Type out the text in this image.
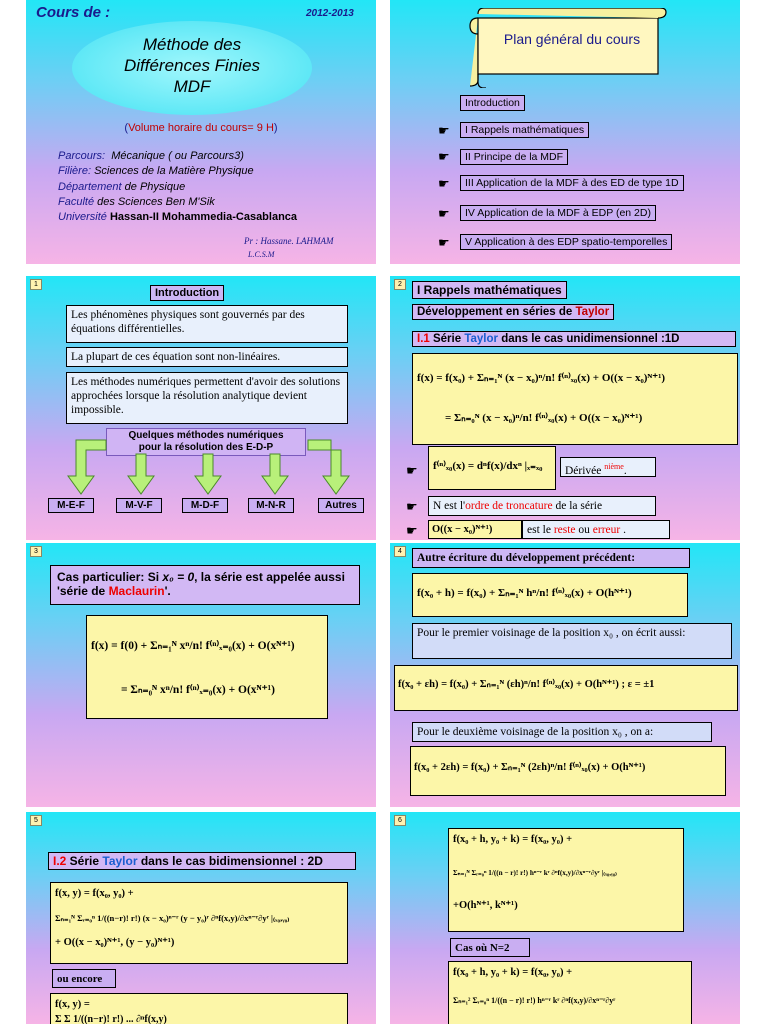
Cours de :	2012-2013
Méthode des
Différences Finies
MDF
(Volume horaire du cours= 9 H)
Parcours: Mécanique ( ou Parcours3)
Filière: Sciences de la Matière Physique
Département de Physique
Faculté des Sciences Ben M'Sik
Université Hassan-II Mohammedia-Casablanca
Pr : Hassane. LAHMAM
L.C.S.M
Plan général du cours
Introduction
☛	I Rappels mathématiques
☛	II Principe de la MDF
☛	III Application de la MDF à des ED de type 1D
☛	IV Application de la MDF à EDP (en 2D)
☛	V Application à des EDP spatio-temporelles
1
Introduction
Les phénomènes physiques sont gouvernés par des équations différentielles.
La plupart de ces équation sont non-linéaires.
Les méthodes numériques permettent d'avoir des solutions approchées lorsque la résolution analytique devient impossible.
Quelques méthodes numériques
pour la résolution des E-D-P
M-E-F	M-V-F	M-D-F	M-N-R	Autres
2	I Rappels mathématiques
Développement en séries de Taylor
I.1 Série Taylor dans le cas unidimensionnel :1D
f(x) = f(x₀) + Σₙ₌₁ᴺ (x − x₀)ⁿ/n! f⁽ⁿ⁾ₓ₀(x) + O((x − x₀)ᴺ⁺¹)
= Σₙ₌₀ᴺ (x − x₀)ⁿ/n! f⁽ⁿ⁾ₓ₀(x) + O((x − x₀)ᴺ⁺¹)
☛	f⁽ⁿ⁾ₓ₀(x) = dⁿf(x)/dxⁿ |ₓ₌ₓ₀	Dérivée $^{nième}$.
☛	N est l'ordre de troncature de la série
☛	O((x − x₀)ᴺ⁺¹)	est le reste ou erreur .
3
Cas particulier: Si x₀ = 0, la série est appelée aussi 'série de Maclaurin'.
f(x) = f(0) + Σₙ₌₁ᴺ xⁿ/n! f⁽ⁿ⁾ₓ₌₀(x) + O(xᴺ⁺¹)
= Σₙ₌₀ᴺ xⁿ/n! f⁽ⁿ⁾ₓ₌₀(x) + O(xᴺ⁺¹)
4
Autre écriture du développement précédent:
f(x₀ + h) = f(x₀) + Σₙ₌₁ᴺ hⁿ/n! f⁽ⁿ⁾ₓ₀(x) + O(hᴺ⁺¹)
Pour le premier voisinage de la position x₀ , on écrit aussi:
f(x₀ + εh) = f(x₀) + Σₙ₌₁ᴺ (εh)ⁿ/n! f⁽ⁿ⁾ₓ₀(x) + O(hᴺ⁺¹) ; ε = ±1
Pour le deuxième voisinage de la position x₀ , on a:
f(x₀ + 2εh) = f(x₀) + Σₙ₌₁ᴺ (2εh)ⁿ/n! f⁽ⁿ⁾ₓ₀(x) + O(hᴺ⁺¹)
5
I.2 Série Taylor dans le cas bidimensionnel : 2D
f(x, y) = f(x₀, y₀) +
Σₙ₌₁ᴺ Σᵣ₌₀ⁿ 1/((n−r)! r!) (x − x₀)ⁿ⁻ʳ (y − y₀)ʳ ∂ⁿf(x,y)/∂xⁿ⁻ʳ∂yʳ |₍ₓ₀,ᵧ₀₎
+ O((x − x₀)ᴺ⁺¹, (y − y₀)ᴺ⁺¹)
ou encore
f(x, y) =
Σ Σ 1/((n−r)! r!) ... ∂ⁿf(x,y)
6
f(x₀ + h, y₀ + k) = f(x₀, y₀) +
Σₙ₌₁ᴺ Σᵣ₌₀ⁿ 1/((n − r)! r!) hⁿ⁻ʳ kʳ ∂ⁿf(x,y)/∂xⁿ⁻ʳ∂yʳ |₍ₓ₀,ᵧ₀₎
+O(hᴺ⁺¹, kᴺ⁺¹)
Cas où N=2
f(x₀ + h, y₀ + k) = f(x₀, y₀) +
Σₙ₌₁² Σᵣ₌₀ⁿ 1/((n − r)! r!) hⁿ⁻ʳ kʳ ∂ⁿf(x,y)/∂xⁿ⁻ʳ∂yʳ
